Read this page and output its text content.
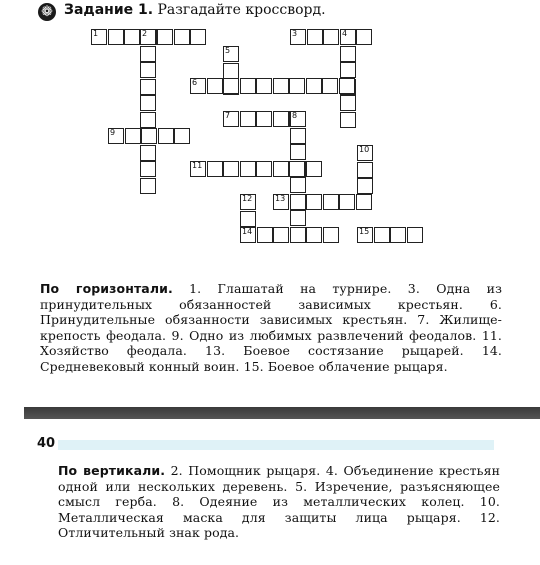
❁ Задание 1. Разгадайте кроссворд.
1	2	3	4
5
6
7	8
9
10
11
12	13
14	15
По горизонтали. 1. Глашатай на турнире. 3. Одна из принудительных обязанностей зависимых крестьян. 6. Принудительные обязанности зависимых крестьян. 7. Жилище-крепость феодала. 9. Одно из любимых развлечений феодалов. 11. Хозяйство феодала. 13. Боевое состязание рыцарей. 14. Средневековый конный воин. 15. Боевое облачение рыцаря.
40
По вертикали. 2. Помощник рыцаря. 4. Объединение крестьян одной или нескольких деревень. 5. Изречение, разъясняющее смысл герба. 8. Одеяние из металлических колец. 10. Металлическая маска для защиты лица рыцаря. 12. Отличительный знак рода.
